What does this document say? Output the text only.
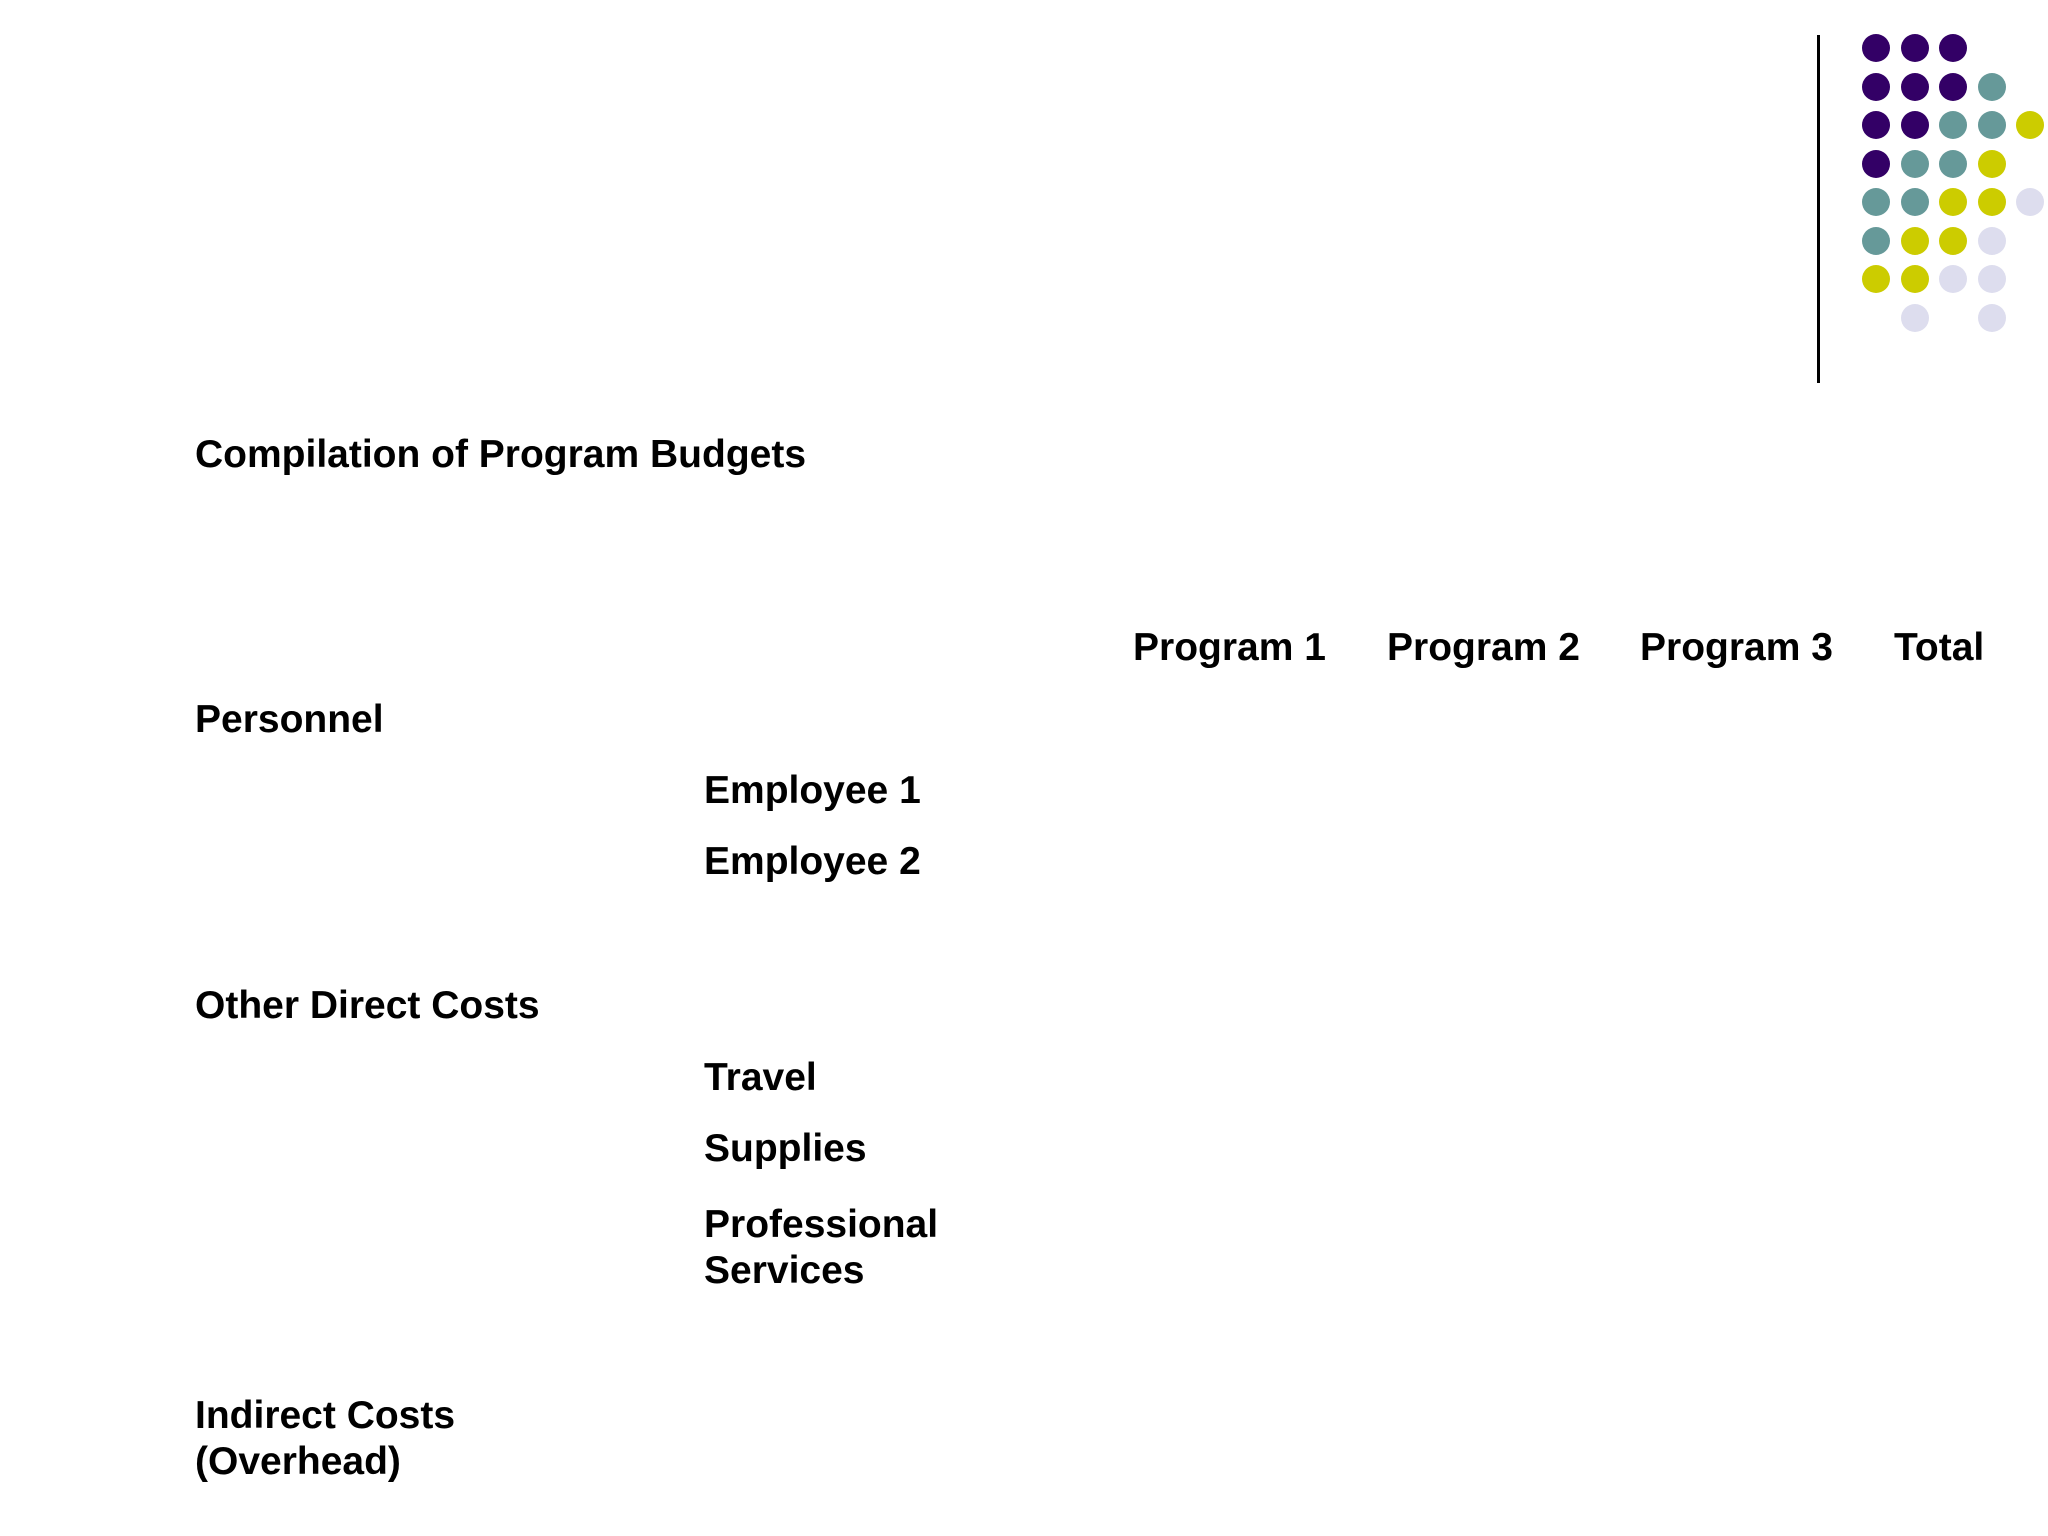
Compilation of Program Budgets
Program 1 Program 2 Program 3 Total
Personnel
Employee 1
Employee 2
Other Direct Costs
Travel
Supplies
Professional Services
Indirect Costs (Overhead)
